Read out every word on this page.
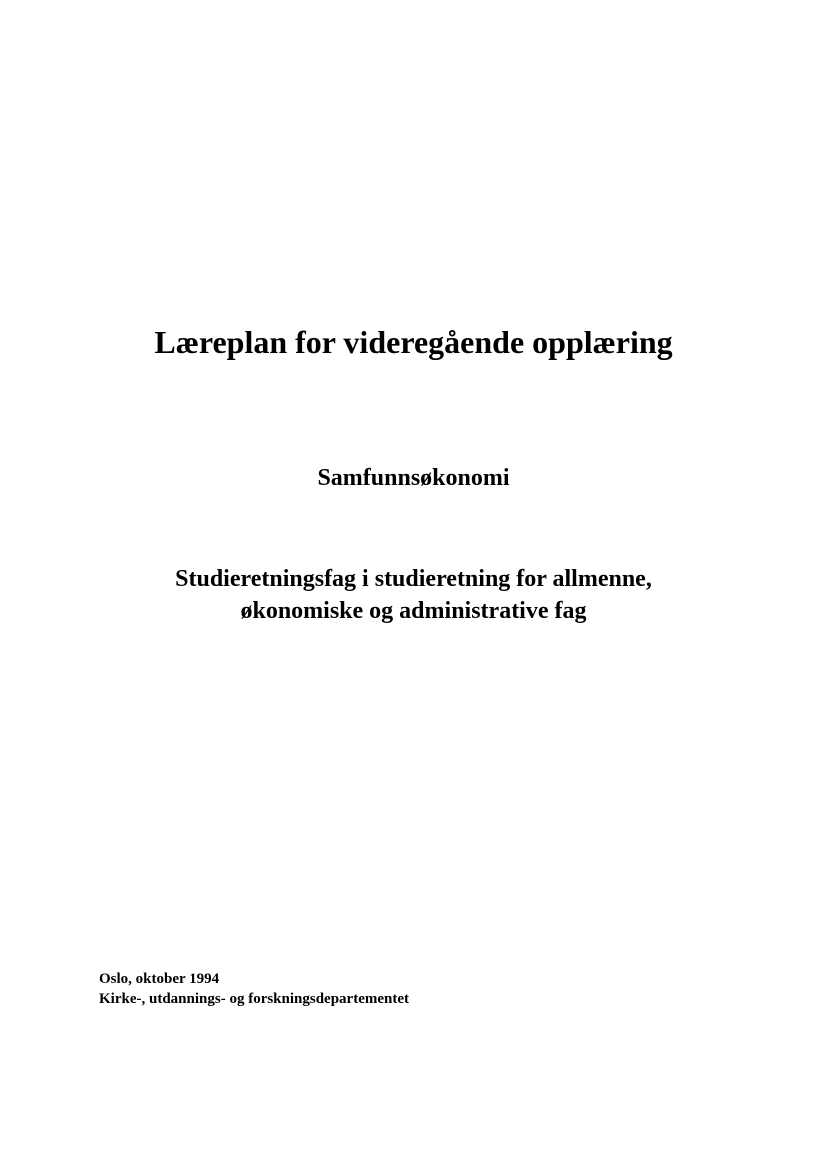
Læreplan for videregående opplæring
Samfunnsøkonomi
Studieretningsfag i studieretning for allmenne,
økonomiske og administrative fag
Oslo, oktober 1994
Kirke-, utdannings- og forskningsdepartementet
